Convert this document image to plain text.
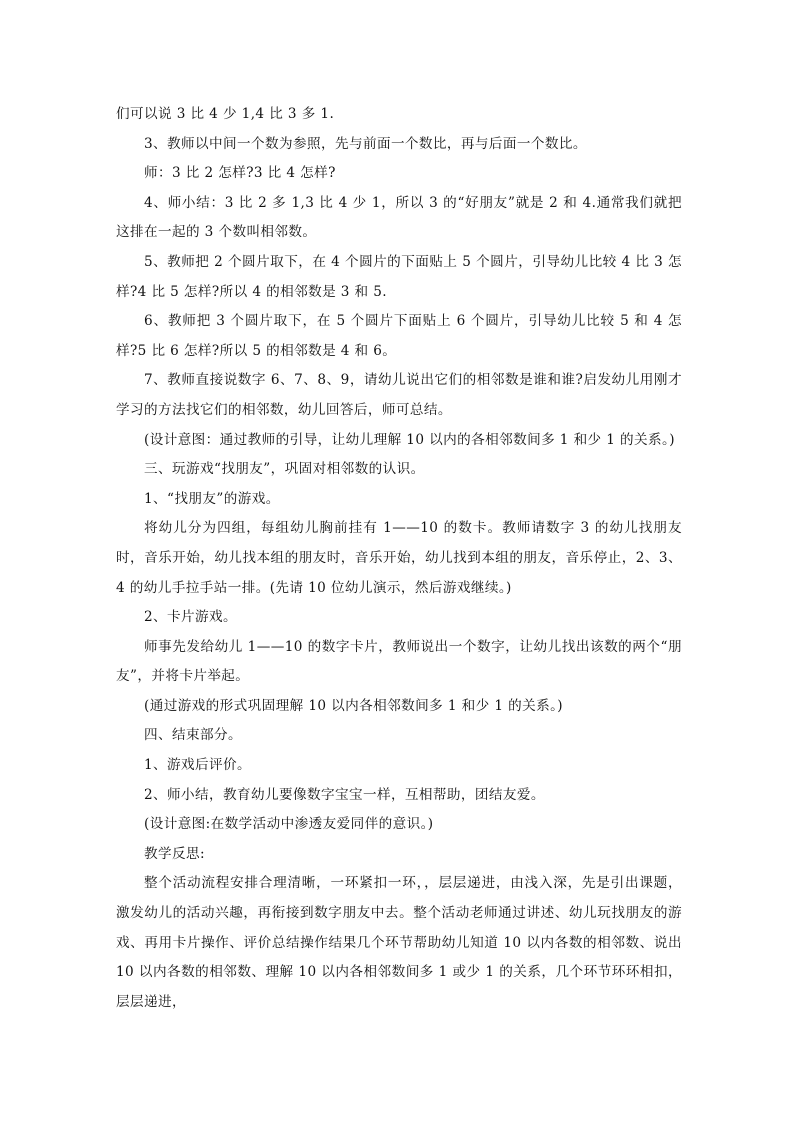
们可以说 3 比 4 少 1,4 比 3 多 1.

3、教师以中间一个数为参照，先与前面一个数比，再与后面一个数比。

师：3 比 2 怎样?3 比 4 怎样?

4、师小结：3 比 2 多 1,3 比 4 少 1，所以 3 的“好朋友”就是 2 和 4.通常我们就把这排在一起的 3 个数叫相邻数。

5、教师把 2 个圆片取下，在 4 个圆片的下面贴上 5 个圆片，引导幼儿比较 4 比 3 怎样?4 比 5 怎样?所以 4 的相邻数是 3 和 5.

6、教师把 3 个圆片取下，在 5 个圆片下面贴上 6 个圆片，引导幼儿比较 5 和 4 怎样?5 比 6 怎样?所以 5 的相邻数是 4 和 6。

7、教师直接说数字 6、7、8、9，请幼儿说出它们的相邻数是谁和谁?启发幼儿用刚才学习的方法找它们的相邻数，幼儿回答后，师可总结。

(设计意图：通过教师的引导，让幼儿理解 10 以内的各相邻数间多 1 和少 1 的关系。)

三、玩游戏“找朋友”，巩固对相邻数的认识。

1、“找朋友”的游戏。

将幼儿分为四组，每组幼儿胸前挂有 1——10 的数卡。教师请数字 3 的幼儿找朋友时，音乐开始，幼儿找本组的朋友时，音乐开始，幼儿找到本组的朋友，音乐停止，2、3、4 的幼儿手拉手站一排。(先请 10 位幼儿演示，然后游戏继续。)

2、卡片游戏。

师事先发给幼儿 1——10 的数字卡片，教师说出一个数字，让幼儿找出该数的两个“朋友”，并将卡片举起。

(通过游戏的形式巩固理解 10 以内各相邻数间多 1 和少 1 的关系。)

四、结束部分。

1、游戏后评价。

2、师小结，教育幼儿要像数字宝宝一样，互相帮助，团结友爱。

(设计意图:在数学活动中渗透友爱同伴的意识。)

教学反思:

整个活动流程安排合理清晰，一环紧扣一环，，层层递进，由浅入深，先是引出课题，激发幼儿的活动兴趣，再衔接到数字朋友中去。整个活动老师通过讲述、幼儿玩找朋友的游戏、再用卡片操作、评价总结操作结果几个环节帮助幼儿知道 10 以内各数的相邻数、说出 10 以内各数的相邻数、理解 10 以内各相邻数间多 1 或少 1 的关系，几个环节环环相扣，层层递进，
